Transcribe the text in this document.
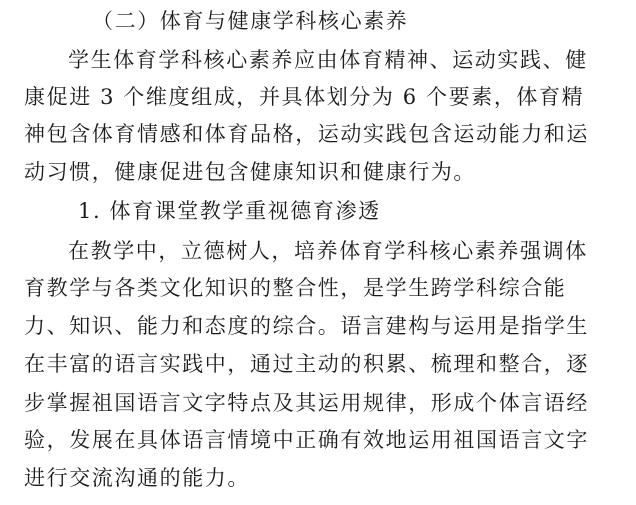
（二）体育与健康学科核心素养
学生体育学科核心素养应由体育精神、运动实践、健
康促进 3 个维度组成，并具体划分为 6 个要素，体育精
神包含体育情感和体育品格，运动实践包含运动能力和运
动习惯，健康促进包含健康知识和健康行为。
1. 体育课堂教学重视德育渗透
在教学中，立德树人，培养体育学科核心素养强调体
育教学与各类文化知识的整合性，是学生跨学科综合能
力、知识、能力和态度的综合。语言建构与运用是指学生
在丰富的语言实践中，通过主动的积累、梳理和整合，逐
步掌握祖国语言文字特点及其运用规律，形成个体言语经
验，发展在具体语言情境中正确有效地运用祖国语言文字
进行交流沟通的能力。
